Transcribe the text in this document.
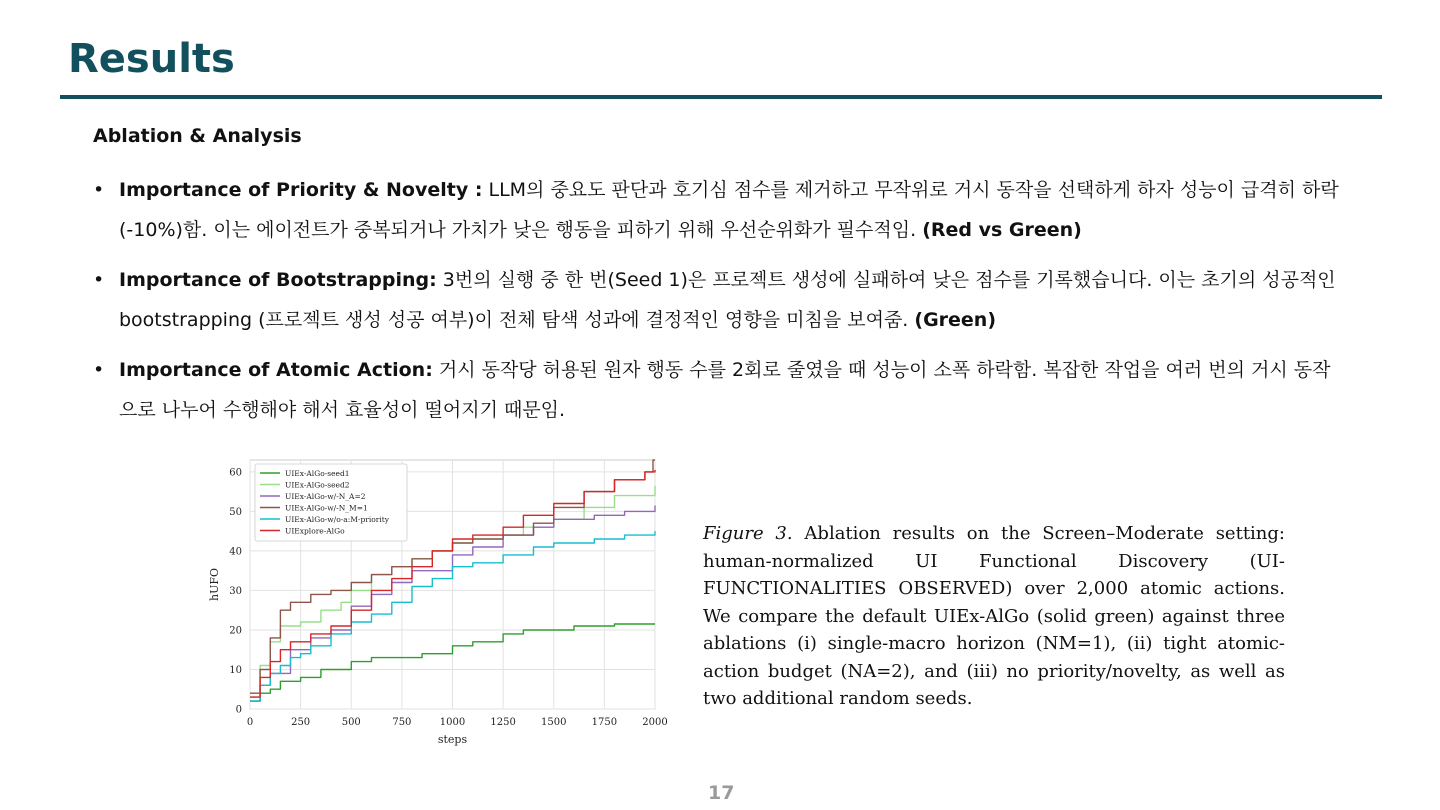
Results
Ablation & Analysis
• Importance of Priority & Novelty : LLM의 중요도 판단과 호기심 점수를 제거하고 무작위로 거시 동작을 선택하게 하자 성능이 급격히 하락(-10%)함. 이는 에이전트가 중복되거나 가치가 낮은 행동을 피하기 위해 우선순위화가 필수적임. (Red vs Green)
• Importance of Bootstrapping: 3번의 실행 중 한 번(Seed 1)은 프로젝트 생성에 실패하여 낮은 점수를 기록했습니다. 이는 초기의 성공적인 bootstrapping (프로젝트 생성 성공 여부)이 전체 탐색 성과에 결정적인 영향을 미침을 보여줌. (Green)
• Importance of Atomic Action: 거시 동작당 허용된 원자 행동 수를 2회로 줄였을 때 성능이 소폭 하락함. 복잡한 작업을 여러 번의 거시 동작으로 나누어 수행해야 해서 효율성이 떨어지기 때문임.
0	250	500	750	1000	1250	1500	1750	2000
0
10
20
30
40
50
60
steps
hUFO
UIEx-AlGo-seed1
UIEx-AlGo-seed2
UIEx-AlGo-w/-N_A=2
UIEx-AlGo-w/-N_M=1
UIEx-AlGo-w/o-a:M-priority
UIExplore-AlGo	Figure 3. Ablation results on the Screen–Moderate setting: human-normalized UI Functional Discovery (UI-FUNCTIONALITIES OBSERVED) over 2,000 atomic actions. We compare the default UIEx-AlGo (solid green) against three ablations (i) single-macro horizon (NM=1), (ii) tight atomic-action budget (NA=2), and (iii) no priority/novelty, as well as two additional random seeds.
17
